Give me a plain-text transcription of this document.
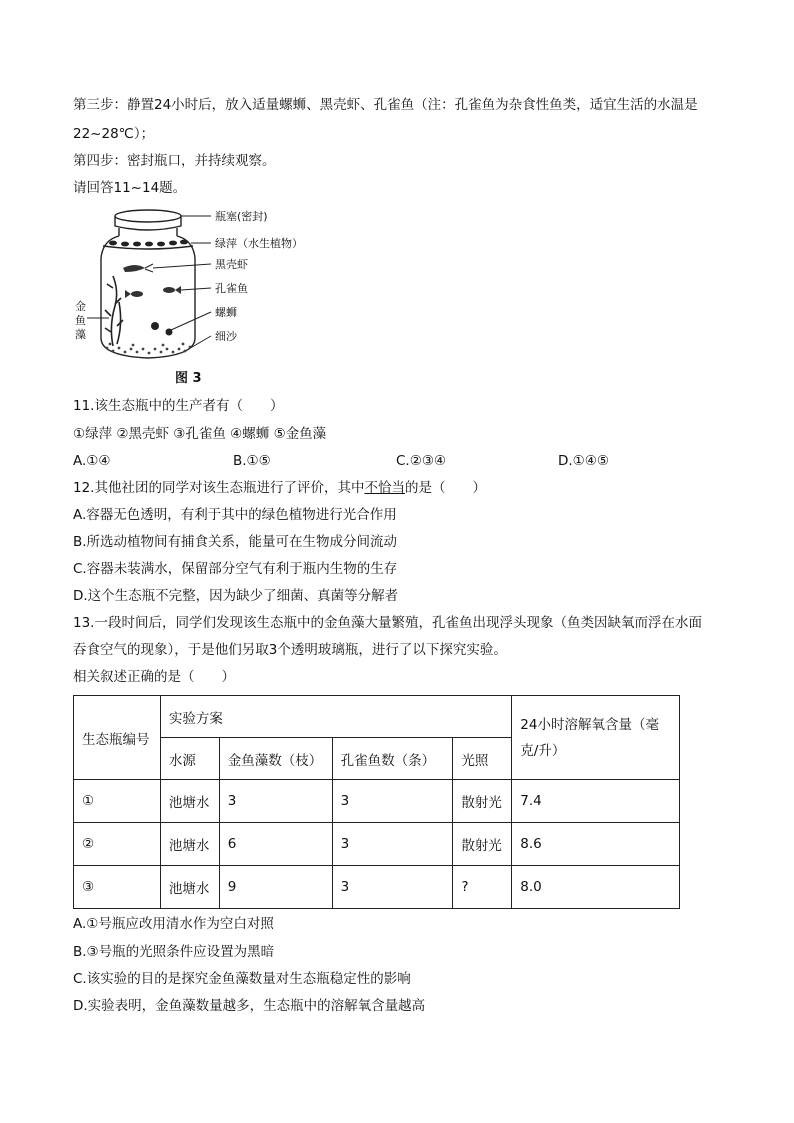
第三步：静置24小时后，放入适量螺蛳、黑壳虾、孔雀鱼（注：孔雀鱼为杂食性鱼类，适宜生活的水温是
22~28℃）；
第四步：密封瓶口，并持续观察。
请回答11~14题。
瓶塞(密封)
绿萍（水生植物）
黑壳虾
孔雀鱼
螺蛳
细沙
金
鱼
藻
图 3
11.该生态瓶中的生产者有（　　）
①绿萍 ②黑壳虾 ③孔雀鱼 ④螺蛳 ⑤金鱼藻
A.①④	B.①⑤	C.②③④	D.①④⑤
12.其他社团的同学对该生态瓶进行了评价，其中不恰当的是（　　）
A.容器无色透明，有利于其中的绿色植物进行光合作用
B.所选动植物间有捕食关系，能量可在生物成分间流动
C.容器未装满水，保留部分空气有利于瓶内生物的生存
D.这个生态瓶不完整，因为缺少了细菌、真菌等分解者
13.一段时间后，同学们发现该生态瓶中的金鱼藻大量繁殖，孔雀鱼出现浮头现象（鱼类因缺氧而浮在水面
吞食空气的现象），于是他们另取3个透明玻璃瓶，进行了以下探究实验。
相关叙述正确的是（　　）
生态瓶编号	实验方案				24小时溶解氧含量（毫克/升）
	水源	金鱼藻数（枝）	孔雀鱼数（条）	光照	
①	池塘水	3	3	散射光	7.4
②	池塘水	6	3	散射光	8.6
③	池塘水	9	3	?	8.0
A.①号瓶应改用清水作为空白对照
B.③号瓶的光照条件应设置为黑暗
C.该实验的目的是探究金鱼藻数量对生态瓶稳定性的影响
D.实验表明，金鱼藻数量越多，生态瓶中的溶解氧含量越高
